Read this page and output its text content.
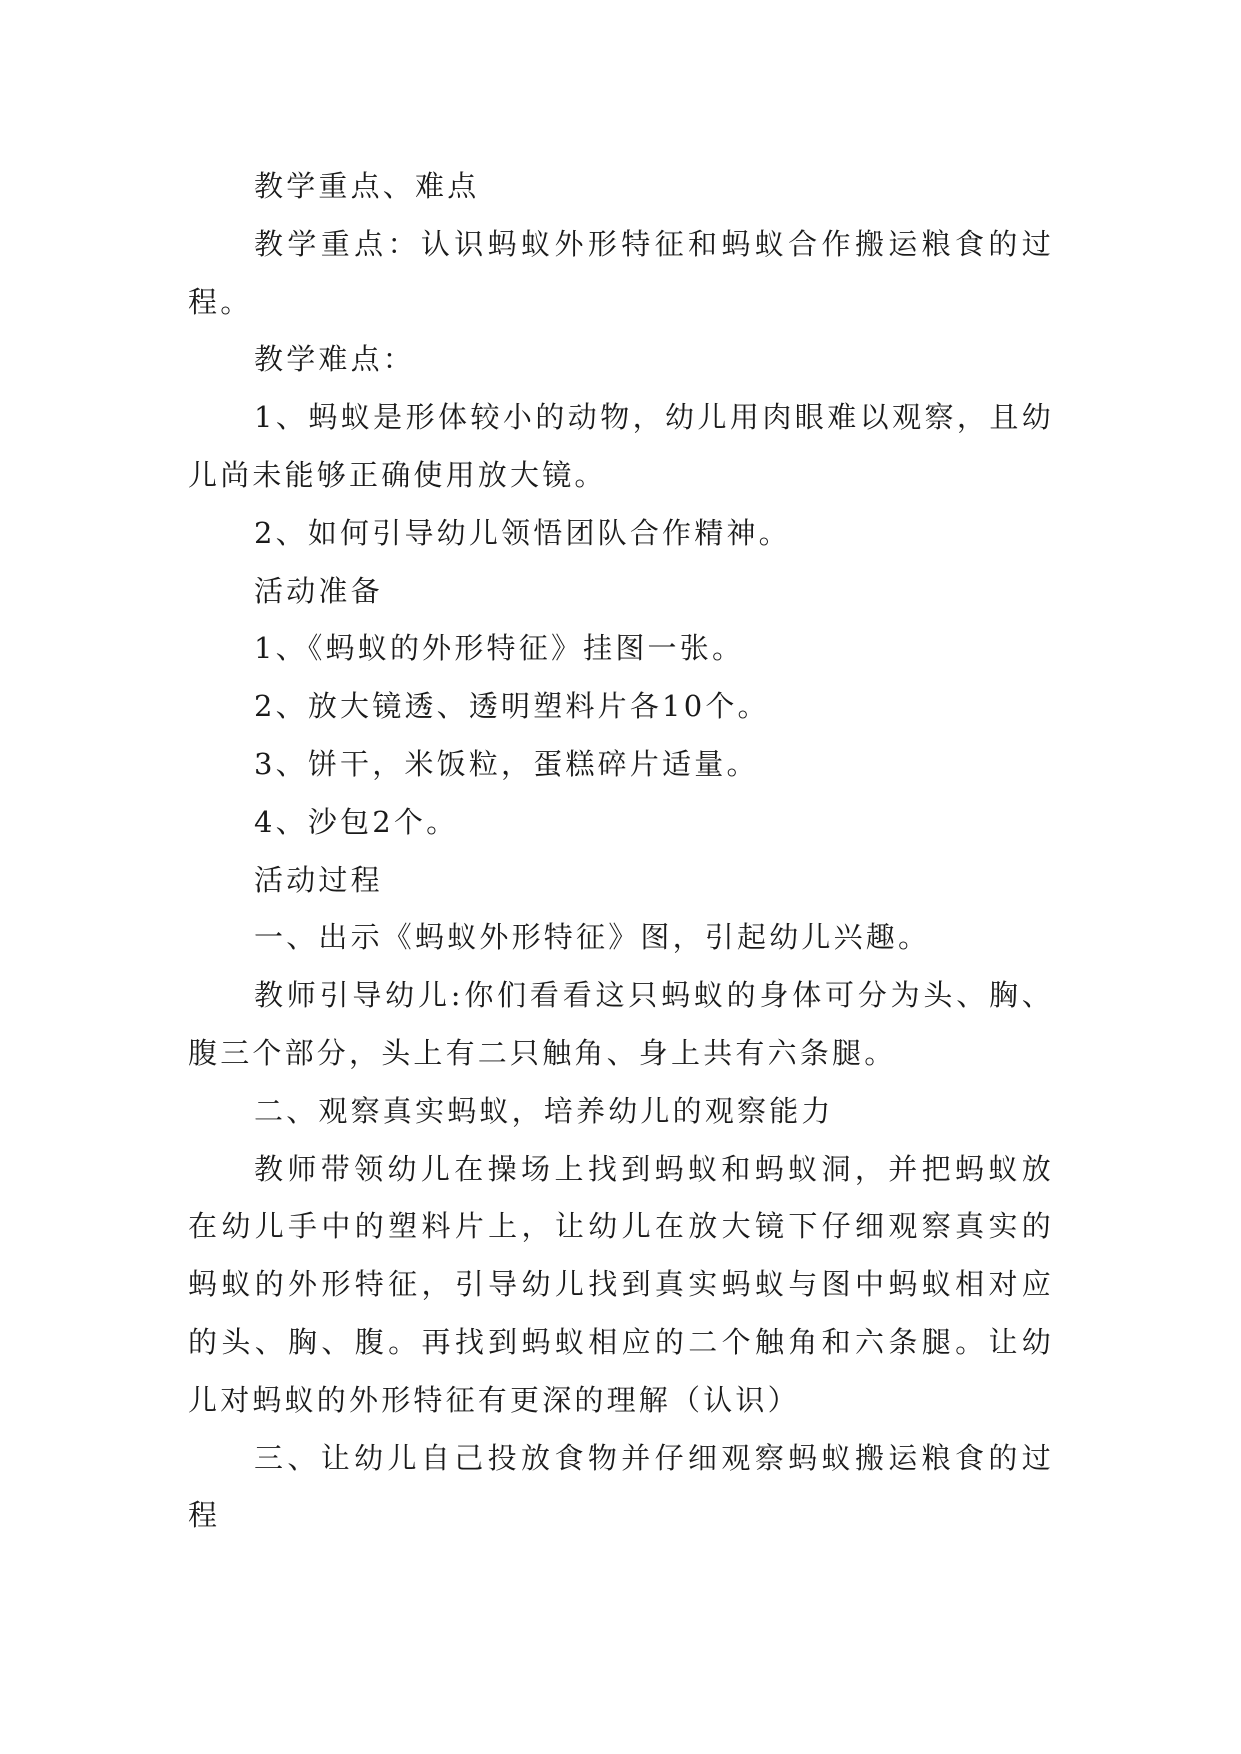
教学重点、难点

教学重点：认识蚂蚁外形特征和蚂蚁合作搬运粮食的过程。

教学难点：

1、蚂蚁是形体较小的动物，幼儿用肉眼难以观察，且幼儿尚未能够正确使用放大镜。

2、如何引导幼儿领悟团队合作精神。

活动准备

1、《蚂蚁的外形特征》挂图一张。

2、放大镜透、透明塑料片各10个。

3、饼干，米饭粒，蛋糕碎片适量。

4、沙包2个。

活动过程

一、出示《蚂蚁外形特征》图，引起幼儿兴趣。

教师引导幼儿:你们看看这只蚂蚁的身体可分为头、胸、腹三个部分，头上有二只触角、身上共有六条腿。

二、观察真实蚂蚁，培养幼儿的观察能力

教师带领幼儿在操场上找到蚂蚁和蚂蚁洞，并把蚂蚁放在幼儿手中的塑料片上，让幼儿在放大镜下仔细观察真实的蚂蚁的外形特征，引导幼儿找到真实蚂蚁与图中蚂蚁相对应的头、胸、腹。再找到蚂蚁相应的二个触角和六条腿。让幼儿对蚂蚁的外形特征有更深的理解（认识）

三、让幼儿自己投放食物并仔细观察蚂蚁搬运粮食的过程
